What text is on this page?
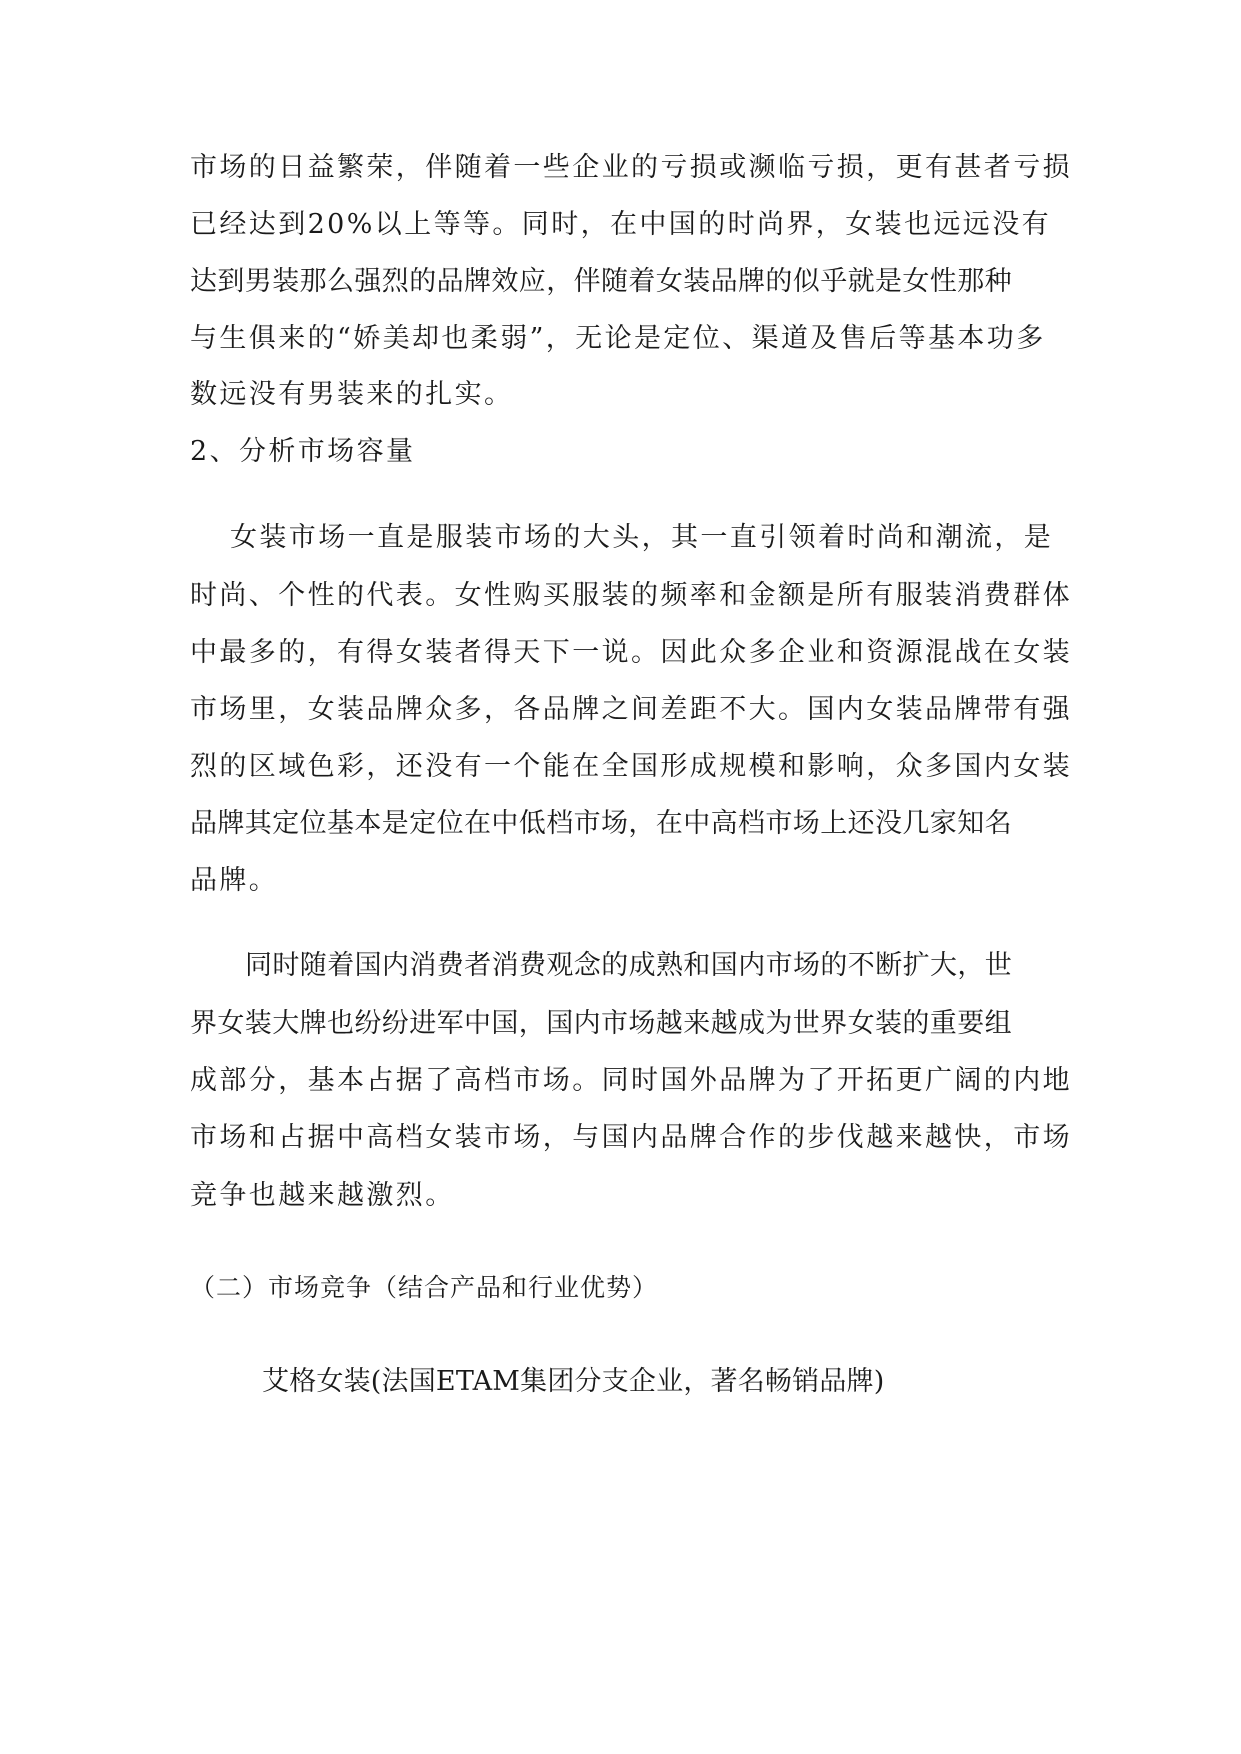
市场的日益繁荣，伴随着一些企业的亏损或濒临亏损，更有甚者亏损
已经达到20%以上等等。同时，在中国的时尚界，女装也远远没有
达到男装那么强烈的品牌效应，伴随着女装品牌的似乎就是女性那种
与生俱来的“娇美却也柔弱”，无论是定位、渠道及售后等基本功多
数远没有男装来的扎实。
2、分析市场容量
女装市场一直是服装市场的大头，其一直引领着时尚和潮流，是
时尚、个性的代表。女性购买服装的频率和金额是所有服装消费群体
中最多的，有得女装者得天下一说。因此众多企业和资源混战在女装
市场里，女装品牌众多，各品牌之间差距不大。国内女装品牌带有强
烈的区域色彩，还没有一个能在全国形成规模和影响，众多国内女装
品牌其定位基本是定位在中低档市场，在中高档市场上还没几家知名
品牌。
同时随着国内消费者消费观念的成熟和国内市场的不断扩大，世
界女装大牌也纷纷进军中国，国内市场越来越成为世界女装的重要组
成部分，基本占据了高档市场。同时国外品牌为了开拓更广阔的内地
市场和占据中高档女装市场，与国内品牌合作的步伐越来越快，市场
竞争也越来越激烈。
（二）市场竞争（结合产品和行业优势）
艾格女装(法国ETAM集团分支企业，著名畅销品牌)
